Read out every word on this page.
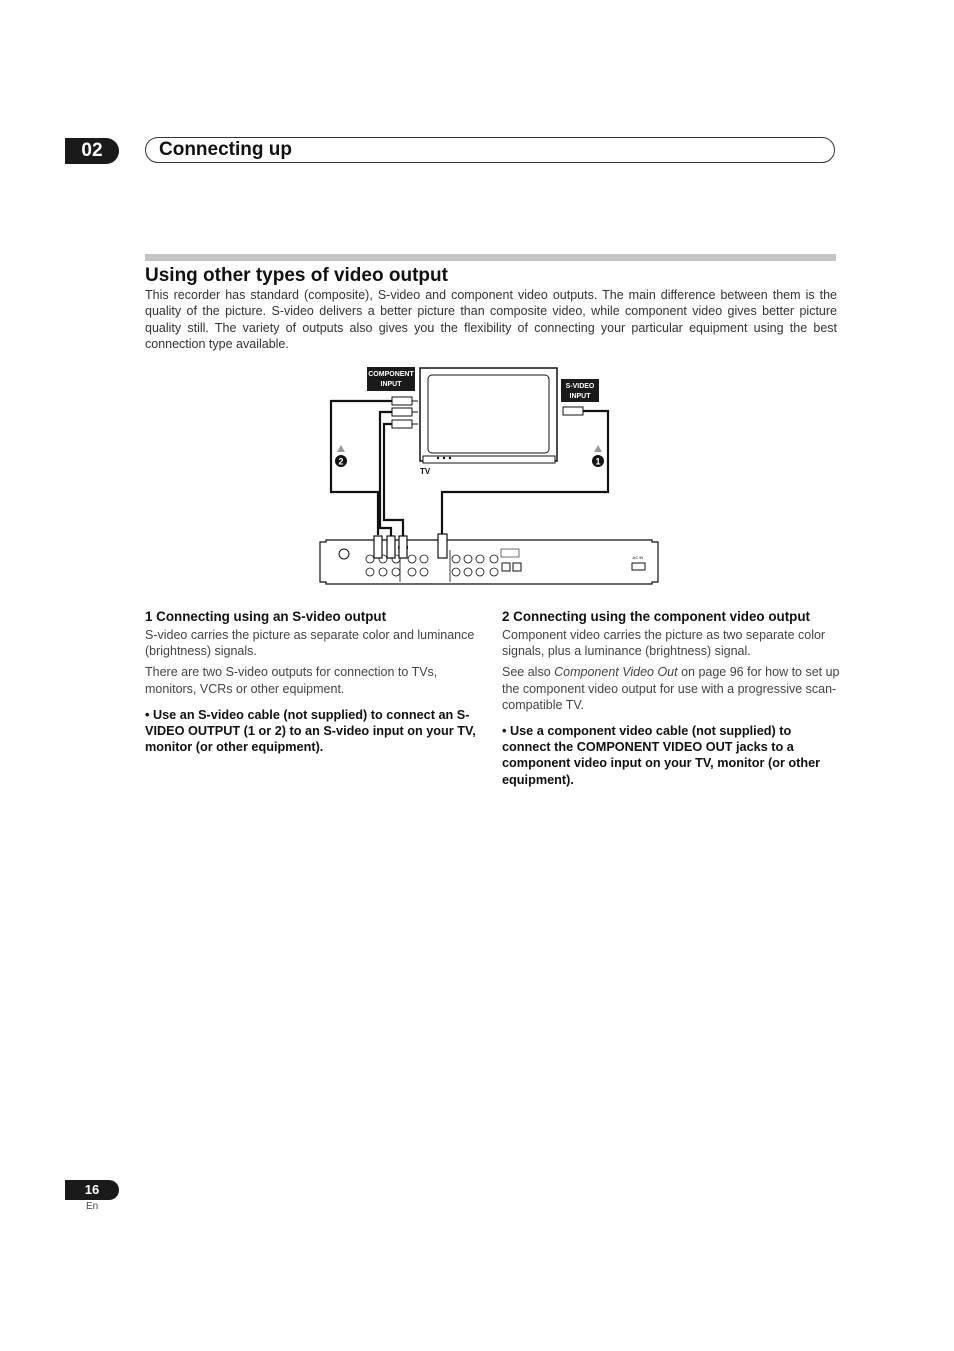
02	Connecting up
Using other types of video output

This recorder has standard (composite), S-video and component video outputs. The main difference between them is the quality of the picture. S-video delivers a better picture than composite video, while component video gives better picture quality still. The variety of outputs also gives you the flexibility of connecting your particular equipment using the best connection type available.

TV
COMPONENT
INPUT	S-VIDEO
INPUT
2	1
AC IN
1 Connecting using an S-video output

S-video carries the picture as separate color and luminance (brightness) signals.

There are two S-video outputs for connection to TVs, monitors, VCRs or other equipment.

• Use an S-video cable (not supplied) to connect an S-VIDEO OUTPUT (1 or 2) to an S-video input on your TV, monitor (or other equipment).

2 Connecting using the component video output

Component video carries the picture as two separate color signals, plus a luminance (brightness) signal.

See also Component Video Out on page 96 for how to set up the component video output for use with a progressive scan-compatible TV.

• Use a component video cable (not supplied) to connect the COMPONENT VIDEO OUT jacks to a component video input on your TV, monitor (or other equipment).

16
En
